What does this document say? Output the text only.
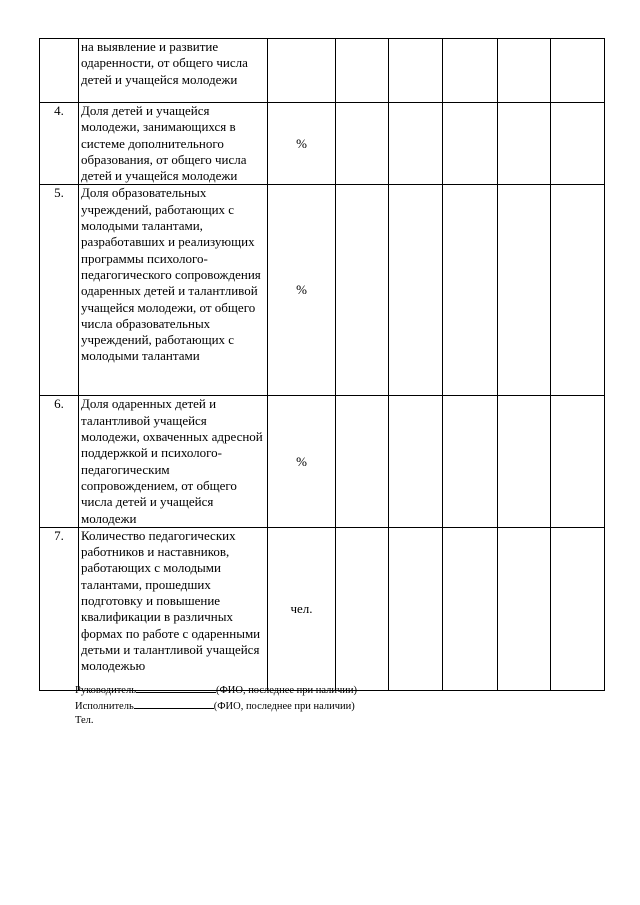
	на выявление и развитие одаренности, от общего числа детей и учащейся молодежи						
4.	Доля детей и учащейся молодежи, занимающихся в системе дополнительного образования, от общего числа детей и учащейся молодежи	%					
5.	Доля образовательных учреждений, работающих с молодыми талантами, разработавших и реализующих программы психолого-педагогического сопровождения одаренных детей и талантливой учащейся молодежи, от общего числа образовательных учреждений, работающих с молодыми талантами	%					
6.	Доля одаренных детей и талантливой учащейся молодежи, охваченных адресной поддержкой и психолого-педагогическим сопровождением, от общего числа детей и учащейся молодежи	%					
7.	Количество педагогических работников и наставников, работающих с молодыми талантами, прошедших подготовку и повышение квалификации в различных формах по работе с одаренными детьми и талантливой учащейся молодежью	чел.					
Руководитель	(ФИО, последнее при наличии)
Исполнитель	(ФИО, последнее при наличии)
Тел.
